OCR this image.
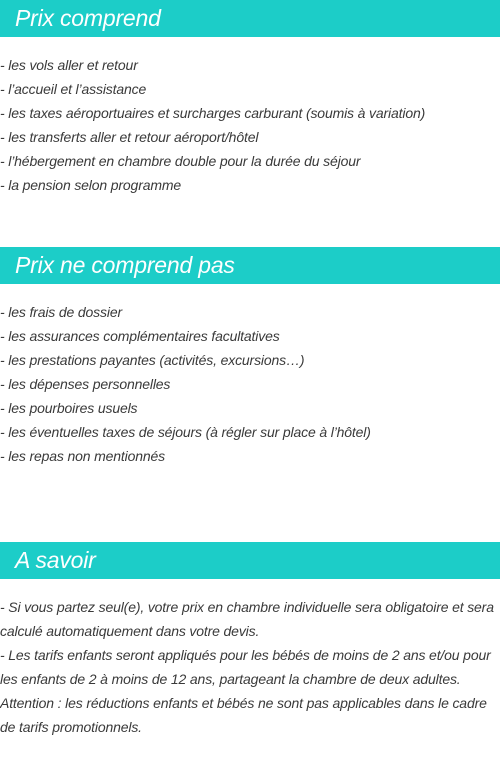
Prix comprend
- les vols aller et retour
- l’accueil et l’assistance
- les taxes aéroportuaires et surcharges carburant (soumis à variation)
- les transferts aller et retour aéroport/hôtel
- l’hébergement en chambre double pour la durée du séjour
- la pension selon programme
Prix ne comprend pas
- les frais de dossier
- les assurances complémentaires facultatives
- les prestations payantes (activités, excursions…)
- les dépenses personnelles
- les pourboires usuels
- les éventuelles taxes de séjours (à régler sur place à l’hôtel)
- les repas non mentionnés
A savoir

- Si vous partez seul(e), votre prix en chambre individuelle sera obligatoire et sera calculé automatiquement dans votre devis.

- Les tarifs enfants seront appliqués pour les bébés de moins de 2 ans et/ou pour les enfants de 2 à moins de 12 ans, partageant la chambre de deux adultes.

Attention : les réductions enfants et bébés ne sont pas applicables dans le cadre de tarifs promotionnels.
